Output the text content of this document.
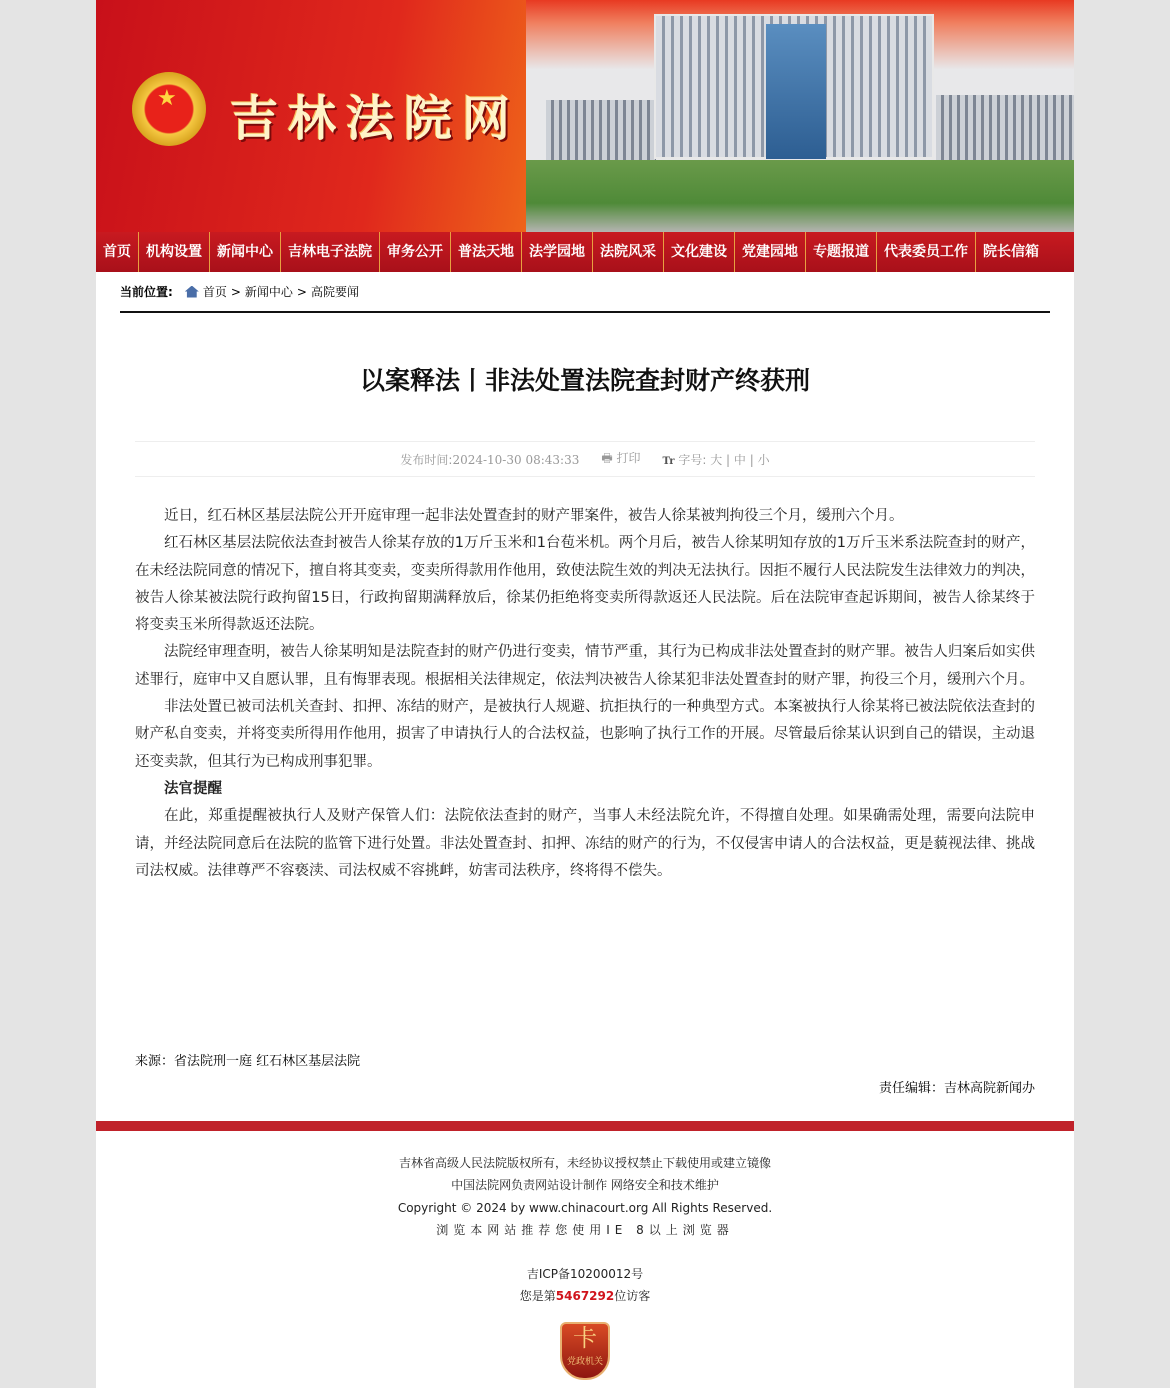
★ 吉林法院网
首页	机构设置	新闻中心	吉林电子法院	审务公开	普法天地	法学园地	法院风采	文化建设	党建园地	专题报道	代表委员工作	院长信箱
当前位置:	首页 > 新闻中心 > 高院要闻
以案释法丨非法处置法院查封财产终获刑
发布时间:2024-10-30 08:43:33 🖶 打印 Tr 字号: 大 | 中 | 小

近日，红石林区基层法院公开开庭审理一起非法处置查封的财产罪案件，被告人徐某被判拘役三个月，缓刑六个月。

红石林区基层法院依法查封被告人徐某存放的1万斤玉米和1台苞米机。两个月后，被告人徐某明知存放的1万斤玉米系法院查封的财产，在未经法院同意的情况下，擅自将其变卖，变卖所得款用作他用，致使法院生效的判决无法执行。因拒不履行人民法院发生法律效力的判决，被告人徐某被法院行政拘留15日，行政拘留期满释放后，徐某仍拒绝将变卖所得款返还人民法院。后在法院审查起诉期间，被告人徐某终于将变卖玉米所得款返还法院。

法院经审理查明，被告人徐某明知是法院查封的财产仍进行变卖，情节严重，其行为已构成非法处置查封的财产罪。被告人归案后如实供述罪行，庭审中又自愿认罪，且有悔罪表现。根据相关法律规定，依法判决被告人徐某犯非法处置查封的财产罪，拘役三个月，缓刑六个月。

非法处置已被司法机关查封、扣押、冻结的财产，是被执行人规避、抗拒执行的一种典型方式。本案被执行人徐某将已被法院依法查封的财产私自变卖，并将变卖所得用作他用，损害了申请执行人的合法权益，也影响了执行工作的开展。尽管最后徐某认识到自己的错误，主动退还变卖款，但其行为已构成刑事犯罪。

法官提醒

在此，郑重提醒被执行人及财产保管人们：法院依法查封的财产，当事人未经法院允许，不得擅自处理。如果确需处理，需要向法院申请，并经法院同意后在法院的监管下进行处置。非法处置查封、扣押、冻结的财产的行为，不仅侵害申请人的合法权益，更是藐视法律、挑战司法权威。法律尊严不容亵渎、司法权威不容挑衅，妨害司法秩序，终将得不偿失。

来源：省法院刑一庭 红石林区基层法院
责任编辑：吉林高院新闻办
吉林省高级人民法院版权所有，未经协议授权禁止下载使用或建立镜像
中国法院网负责网站设计制作 网络安全和技术维护
Copyright © 2024 by www.chinacourt.org All Rights Reserved.
浏览本网站推荐您使用IE 8以上浏览器
吉ICP备10200012号
您是第5467292位访客
卡
党政机关
